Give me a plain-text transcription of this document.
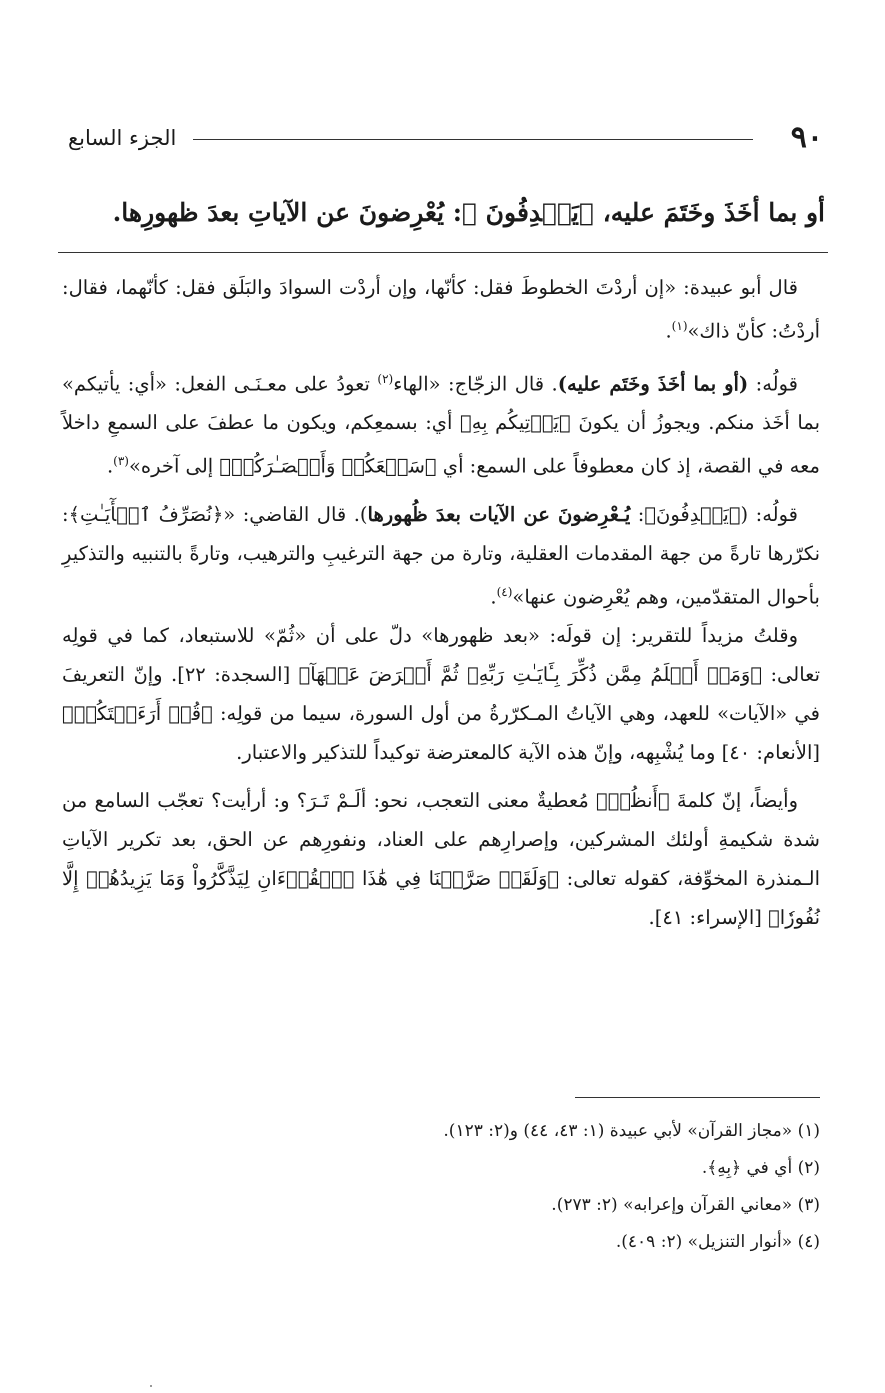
٩٠
الجزء السابع
أو بما أخَذَ وخَتَمَ عليه، ﴿يَصۡدِفُونَ ﴾: يُعْرِضونَ عن الآياتِ بعدَ ظهورِها.

قال أبو عبيدة: «إن أردْتَ الخطوطَ فقل: كأنّها، وإن أردْت السوادَ والبَلَق فقل: كأنّهما، فقال: أردْتُ: كأنّ ذاك»$^{(١)}$.

قولُه: (أو بما أخَذَ وخَتَم عليه). قال الزجّاج: «الهاء$^{(٢)}$ تعودُ على معـنَـى الفعل: «أي: يأتيكم» بما أخَذ منكم. ويجوزُ أن يكونَ ﴿يَأۡتِيكُم بِهِ﴾ أي: بسمعِكم، ويكون ما عطفَ على السمعِ داخلاً معه في القصة، إذ كان معطوفاً على السمع: أي ﴿سَمۡعَكُمۡ وَأَبۡصَـٰرَكُمۡ﴾ إلى آخره»$^{(٣)}$.

قولُه: (﴿يَصۡدِفُونَ﴾: يُـعْرِضونَ عن الآيات بعدَ ظُهورها). قال القاضي: «﴿نُصَرِّفُ ٱلۡأٓيَـٰتِ﴾: نكرّرها تارةً من جهة المقدمات العقلية، وتارة من جهة الترغيبِ والترهيب، وتارةً بالتنبيه والتذكيرِ بأحوال المتقدّمين، وهم يُعْرِضون عنها»$^{(٤)}$.

وقلتُ مزيداً للتقرير: إن قولَه: «بعد ظهورها» دلّ على أن «ثُمّ» للاستبعاد، كما في قولِه تعالى: ﴿وَمَنۡ أَظۡلَمُ مِمَّن ذُكِّرَ بِـَٔايَـٰتِ رَبِّهِۦ ثُمَّ أَعۡرَضَ عَنۡهَآ﴾ [السجدة: ٢٢]. وإنّ التعريفَ في «الآيات» للعهد، وهي الآياتُ المـكرّرةُ من أول السورة، سيما من قولِه: ﴿قُلۡ أَرَءَيۡتَكُمۡ﴾ [الأنعام: ٤٠] وما يُشْبِهه، وإنّ هذه الآية كالمعترضة توكيداً للتذكير والاعتبار.

وأيضاً، إنّ كلمةَ ﴿أَنظُرۡ﴾ مُعطيةٌ معنى التعجب، نحو: ألَـمْ تَـرَ؟ و: أرأيت؟ تعجّب السامع من شدة شكيمةِ أولئك المشركين، وإصرارِهم على العناد، ونفورِهم عن الحق، بعد تكرير الآياتِ الـمنذرة المخوِّفة، كقوله تعالى: ﴿وَلَقَدۡ صَرَّفۡنَا فِي هَٰذَا ٱلۡقُرۡءَانِ لِيَذَّكَّرُواْ وَمَا يَزِيدُهُمۡ إِلَّا نُفُورٗا﴾ [الإسراء: ٤١].

(١) «مجاز القرآن» لأبي عبيدة (١: ٤٣، ٤٤) و(٢: ١٢٣).
(٢) أي في ﴿بِهِ﴾.
(٣) «معاني القرآن وإعرابه» (٢: ٢٧٣).
(٤) «أنوار التنزيل» (٢: ٤٠٩).
